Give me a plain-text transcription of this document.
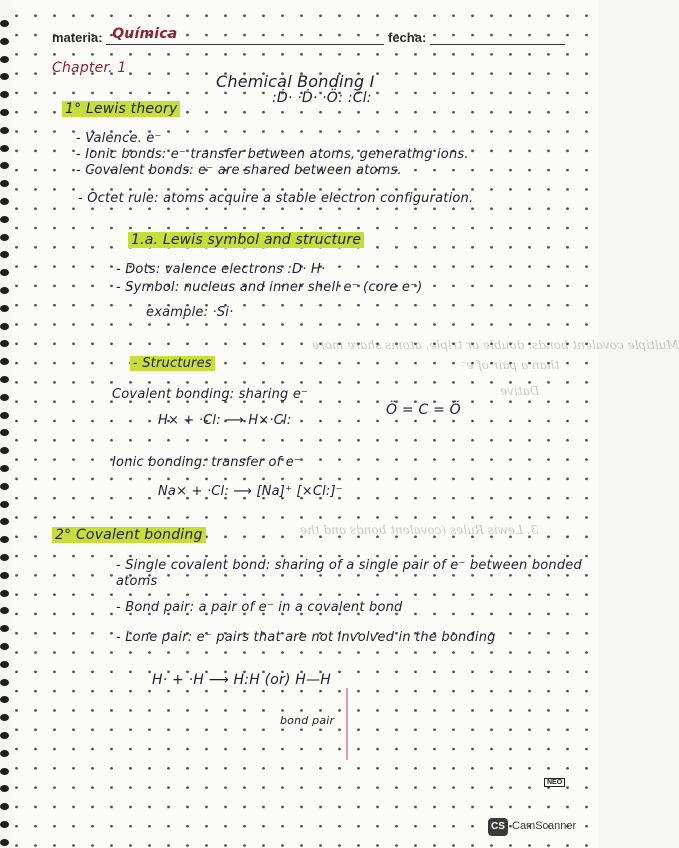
materia: Química	fecha:
Multiple covalent bonds: double or triple, atoms share more
than a pair of e⁻
3. Lewis Rules (covalent bonds and the
Dative
Chapter. 1
Chemical Bonding I
:Ḋ· ·Ḋ· ·Ö: :Ċl:
1° Lewis theory
- Valence. e⁻
- Ionic bonds: e⁻ transfer between atoms, generating ions.
- Covalent bonds: e⁻ are shared between atoms.
- Octet rule: atoms acquire a stable electron configuration.
1.a. Lewis symbol and structure
- Dots: valence electrons :D· H·
- Symbol: nucleus and inner shell e⁻ (core e⁻)
example: ·Si·
- Structures
Covalent bonding: sharing e⁻
H× + ·Cl: ⟶ H×·Cl:
Ö = C = Ö
Ionic bonding: transfer of e⁻
Na× + ·Cl: ⟶ [Na]⁺ [×Cl:]⁻
2° Covalent bonding
- Single covalent bond: sharing of a single pair of e⁻ between bonded atoms
- Bond pair: a pair of e⁻ in a covalent bond
- Lone pair: e⁻ pairs that are not involved in the bonding
H· + ·H ⟶ H:H (or) H—H
bond pair
NEO
CS CamScanner
